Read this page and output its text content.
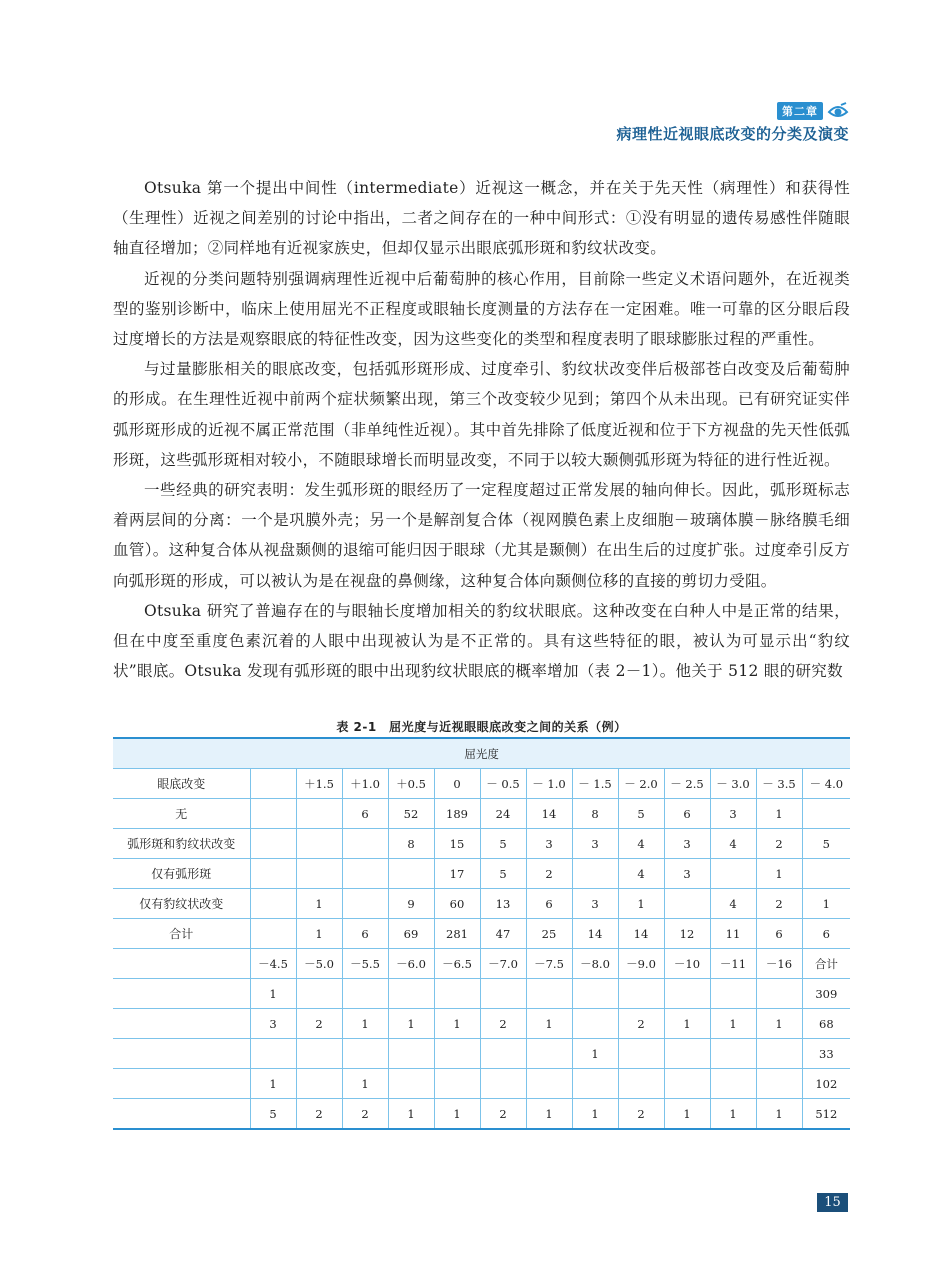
第二章
病理性近视眼底改变的分类及演变

Otsuka 第一个提出中间性（intermediate）近视这一概念，并在关于先天性（病理性）和获得性（生理性）近视之间差别的讨论中指出，二者之间存在的一种中间形式：①没有明显的遗传易感性伴随眼轴直径增加；②同样地有近视家族史，但却仅显示出眼底弧形斑和豹纹状改变。

近视的分类问题特别强调病理性近视中后葡萄肿的核心作用，目前除一些定义术语问题外，在近视类型的鉴别诊断中，临床上使用屈光不正程度或眼轴长度测量的方法存在一定困难。唯一可靠的区分眼后段过度增长的方法是观察眼底的特征性改变，因为这些变化的类型和程度表明了眼球膨胀过程的严重性。

与过量膨胀相关的眼底改变，包括弧形斑形成、过度牵引、豹纹状改变伴后极部苍白改变及后葡萄肿的形成。在生理性近视中前两个症状频繁出现，第三个改变较少见到；第四个从未出现。已有研究证实伴弧形斑形成的近视不属正常范围（非单纯性近视）。其中首先排除了低度近视和位于下方视盘的先天性低弧形斑，这些弧形斑相对较小，不随眼球增长而明显改变，不同于以较大颞侧弧形斑为特征的进行性近视。

一些经典的研究表明：发生弧形斑的眼经历了一定程度超过正常发展的轴向伸长。因此，弧形斑标志着两层间的分离：一个是巩膜外壳；另一个是解剖复合体（视网膜色素上皮细胞－玻璃体膜－脉络膜毛细血管）。这种复合体从视盘颞侧的退缩可能归因于眼球（尤其是颞侧）在出生后的过度扩张。过度牵引反方向弧形斑的形成，可以被认为是在视盘的鼻侧缘，这种复合体向颞侧位移的直接的剪切力受阻。

Otsuka 研究了普遍存在的与眼轴长度增加相关的豹纹状眼底。这种改变在白种人中是正常的结果，但在中度至重度色素沉着的人眼中出现被认为是不正常的。具有这些特征的眼，被认为可显示出“豹纹状”眼底。Otsuka 发现有弧形斑的眼中出现豹纹状眼底的概率增加（表 2－1）。他关于 512 眼的研究数

表 2-1　屈光度与近视眼眼底改变之间的关系（例）
屈光度													
眼底改变		＋1.5	＋1.0	＋0.5	0	－ 0.5	－ 1.0	－ 1.5	－ 2.0	－ 2.5	－ 3.0	－ 3.5	－ 4.0
无			6	52	189	24	14	8	5	6	3	1	
弧形斑和豹纹状改变				8	15	5	3	3	4	3	4	2	5
仅有弧形斑					17	5	2		4	3		1	
仅有豹纹状改变		1		9	60	13	6	3	1		4	2	1
合计		1	6	69	281	47	25	14	14	12	11	6	6
	－4.5	－5.0	－5.5	－6.0	－6.5	－7.0	－7.5	－8.0	－9.0	－10	－11	－16	合计
	1												309
	3	2	1	1	1	2	1		2	1	1	1	68
								1					33
	1		1										102
	5	2	2	1	1	2	1	1	2	1	1	1	512
15
